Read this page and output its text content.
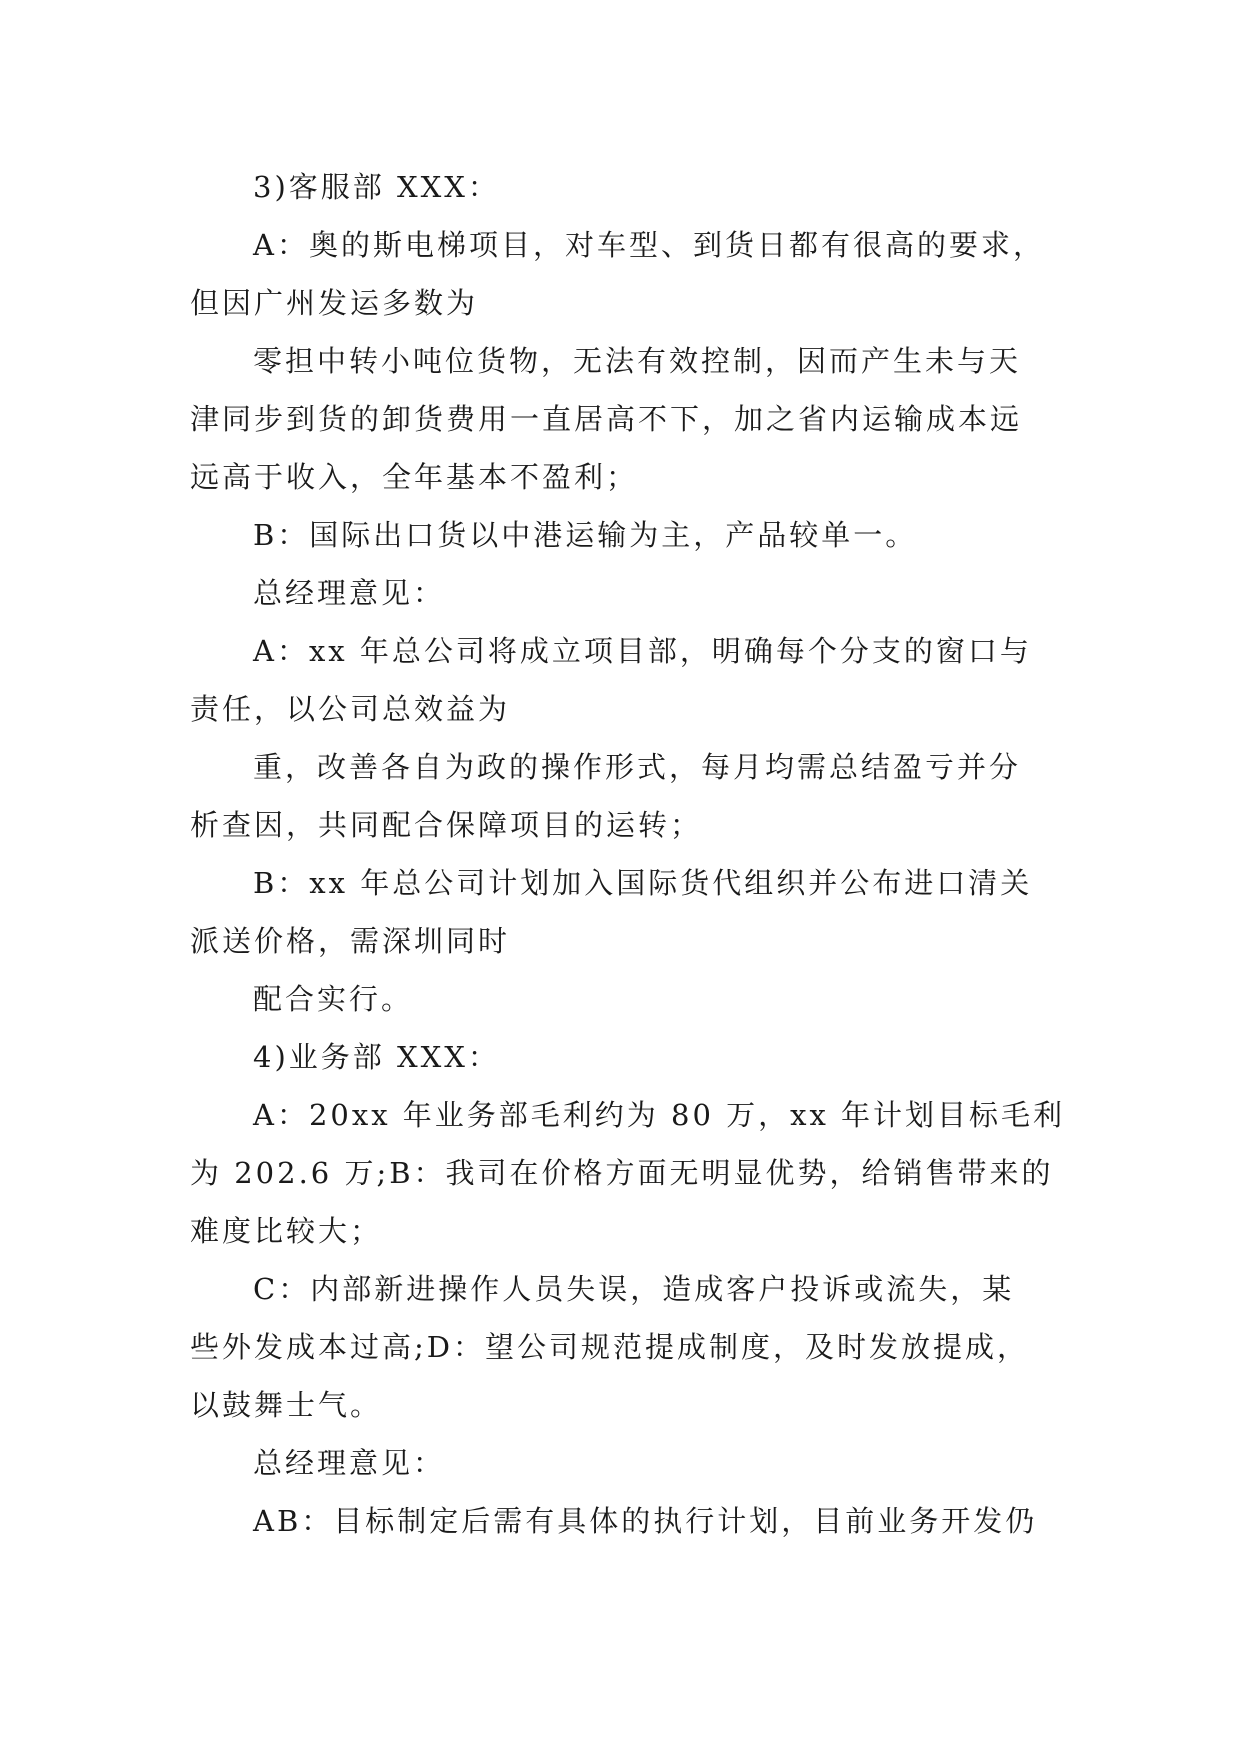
3)客服部 XXX：
A：奥的斯电梯项目，对车型、到货日都有很高的要求，
但因广州发运多数为
零担中转小吨位货物，无法有效控制，因而产生未与天
津同步到货的卸货费用一直居高不下，加之省内运输成本远
远高于收入，全年基本不盈利；
B：国际出口货以中港运输为主，产品较单一。
总经理意见：
A：xx 年总公司将成立项目部，明确每个分支的窗口与
责任，以公司总效益为
重，改善各自为政的操作形式，每月均需总结盈亏并分
析查因，共同配合保障项目的运转；
B：xx 年总公司计划加入国际货代组织并公布进口清关
派送价格，需深圳同时
配合实行。
4)业务部 XXX：
A：20xx 年业务部毛利约为 80 万，xx 年计划目标毛利
为 202.6 万;B：我司在价格方面无明显优势，给销售带来的
难度比较大；
C：内部新进操作人员失误，造成客户投诉或流失，某
些外发成本过高;D：望公司规范提成制度，及时发放提成，
以鼓舞士气。
总经理意见：
AB：目标制定后需有具体的执行计划，目前业务开发仍
